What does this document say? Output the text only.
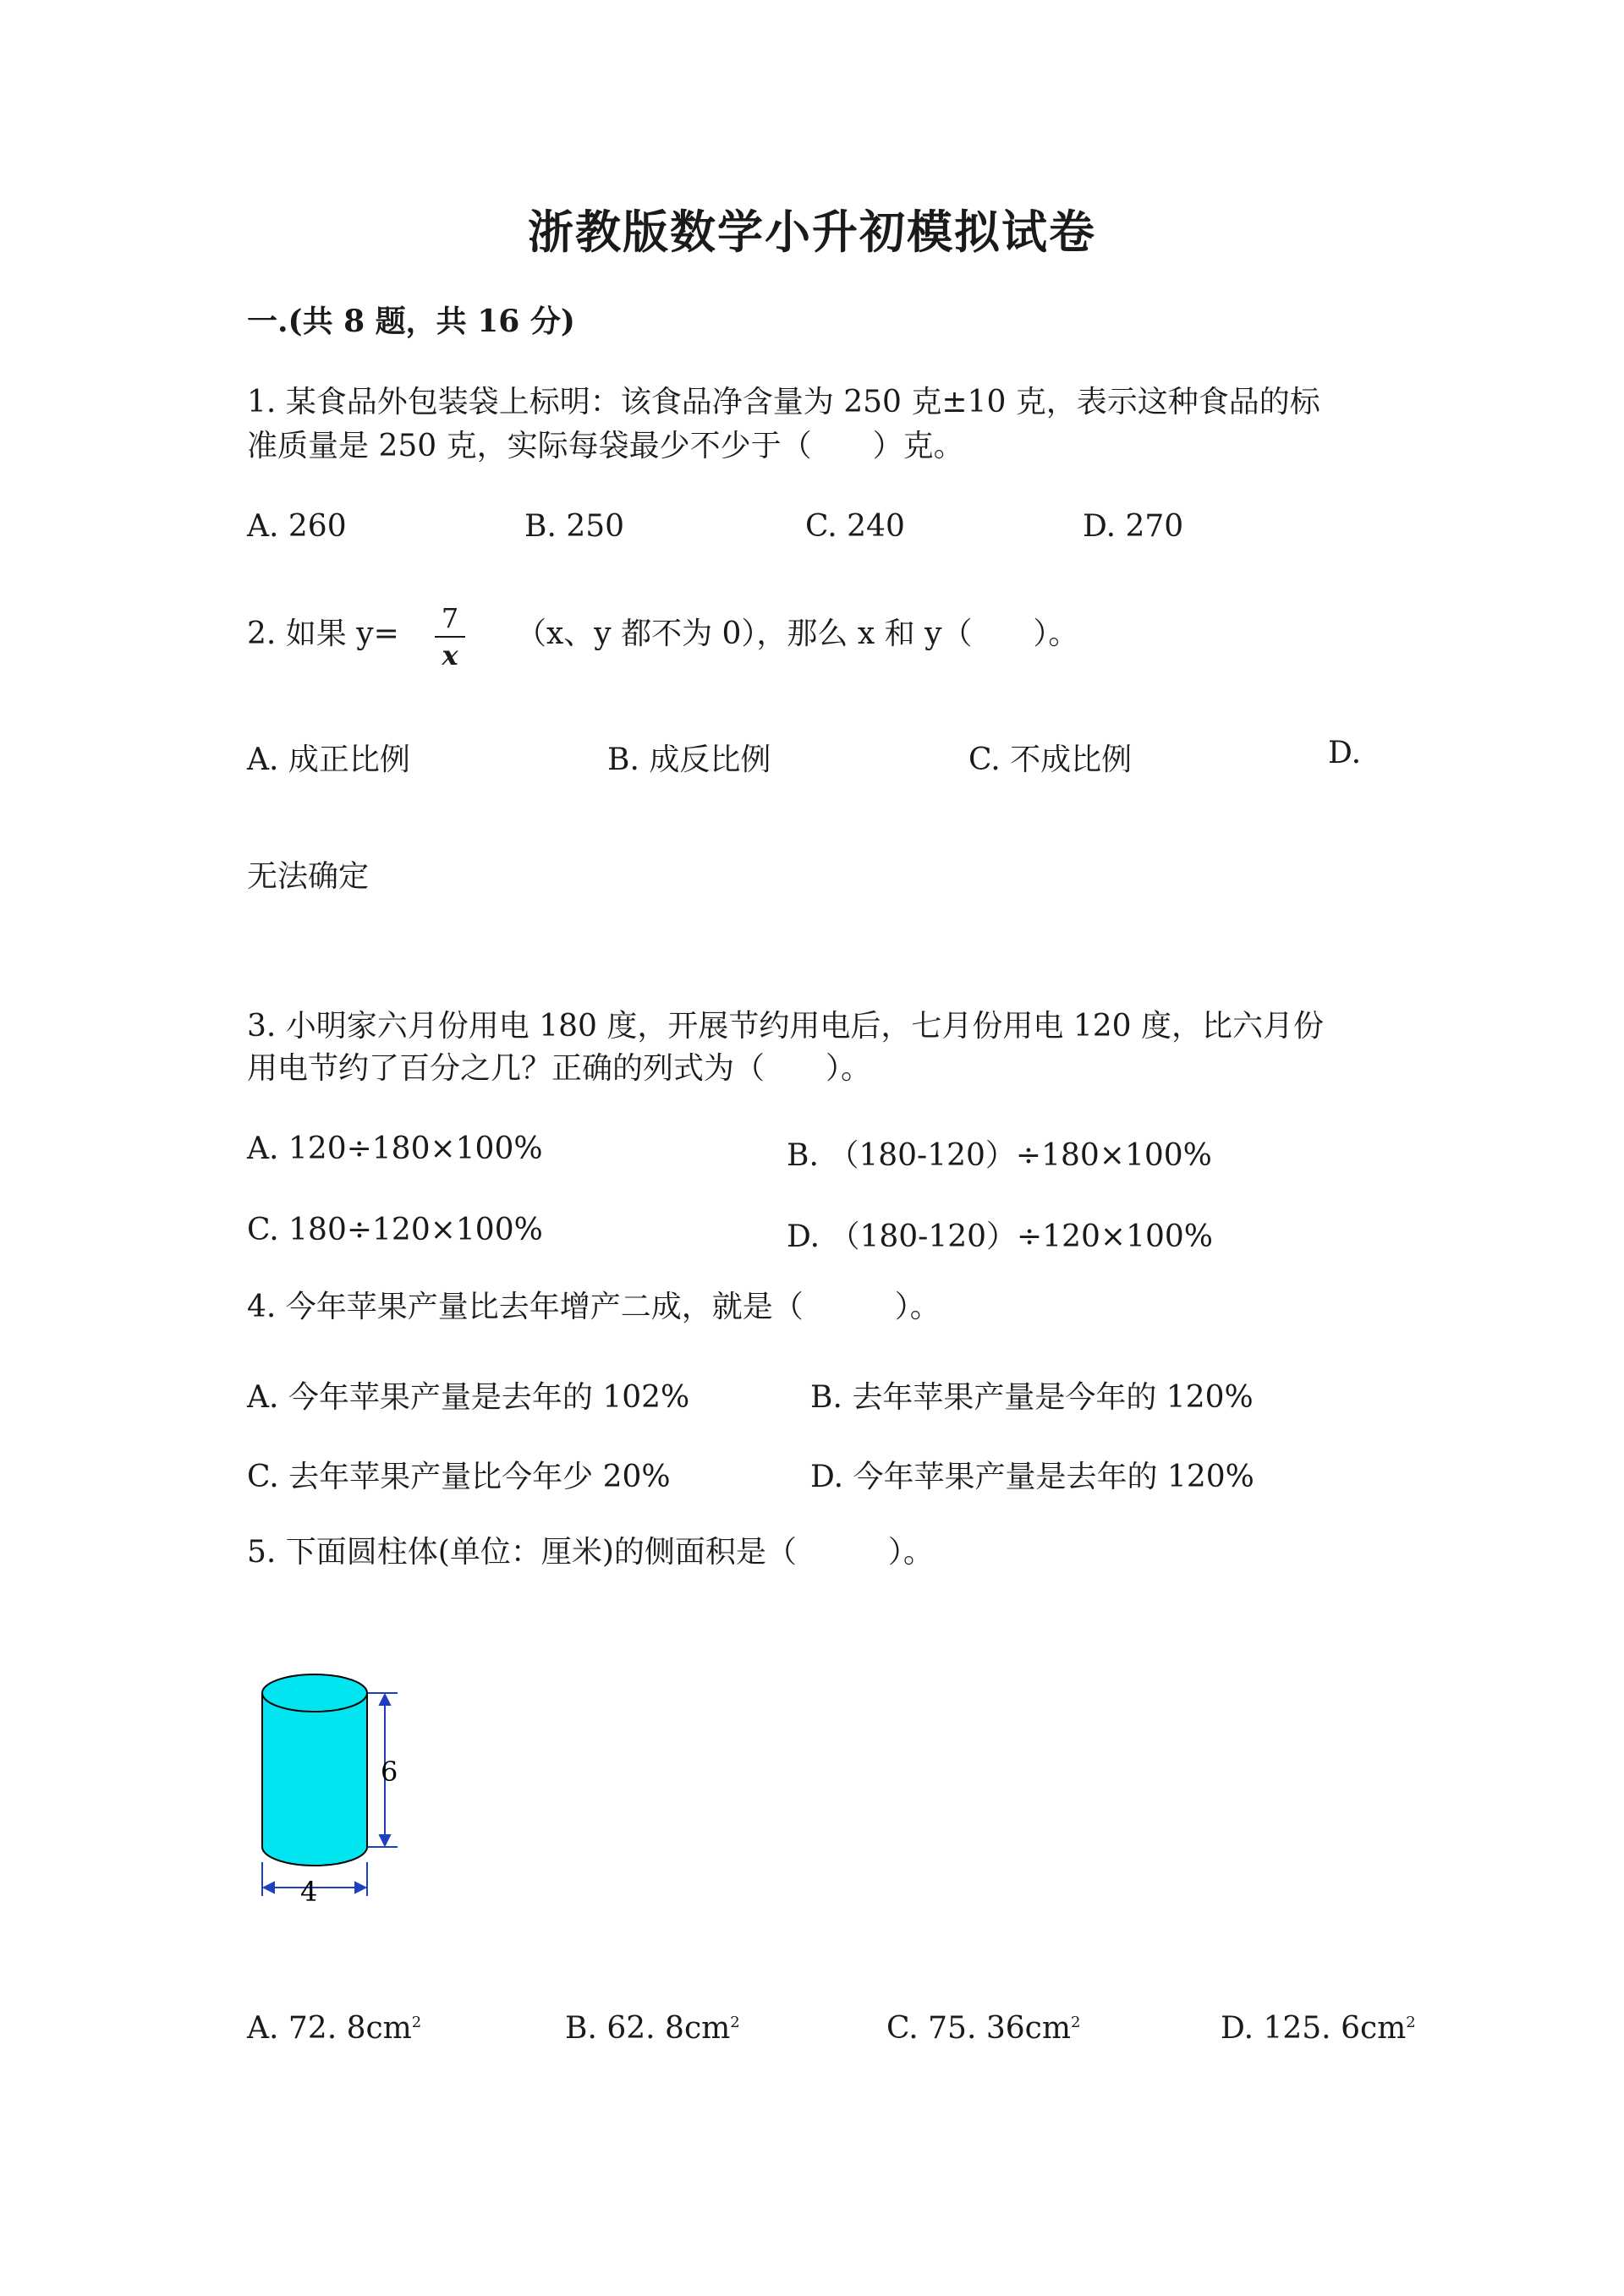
浙教版数学小升初模拟试卷
一.(共 8 题，共 16 分)
1. 某食品外包装袋上标明：该食品净含量为 250 克±10 克，表示这种食品的标
准质量是 250 克，实际每袋最少不少于（　　）克。
A. 260	B. 250	C. 240	D. 270
2. 如果 y= 7
x
（x、y 都不为 0），那么 x 和 y（　　）。
A. 成正比例	B. 成反比例	C. 不成比例	D.
无法确定
3. 小明家六月份用电 180 度，开展节约用电后，七月份用电 120 度，比六月份
用电节约了百分之几？正确的列式为（　　）。
A. 120÷180×100%	B. （180-120）÷180×100%
C. 180÷120×100%	D. （180-120）÷120×100%
4. 今年苹果产量比去年增产二成，就是（　　　）。
A. 今年苹果产量是去年的 102%	B. 去年苹果产量是今年的 120%
C. 去年苹果产量比今年少 20%	D. 今年苹果产量是去年的 120%
5. 下面圆柱体(单位：厘米)的侧面积是（　　　）。
6
4
A. 72. $8cm^2$	B. 62. $8cm^2$	C. 75. $36cm^2$	D. 125. $6cm^2$
